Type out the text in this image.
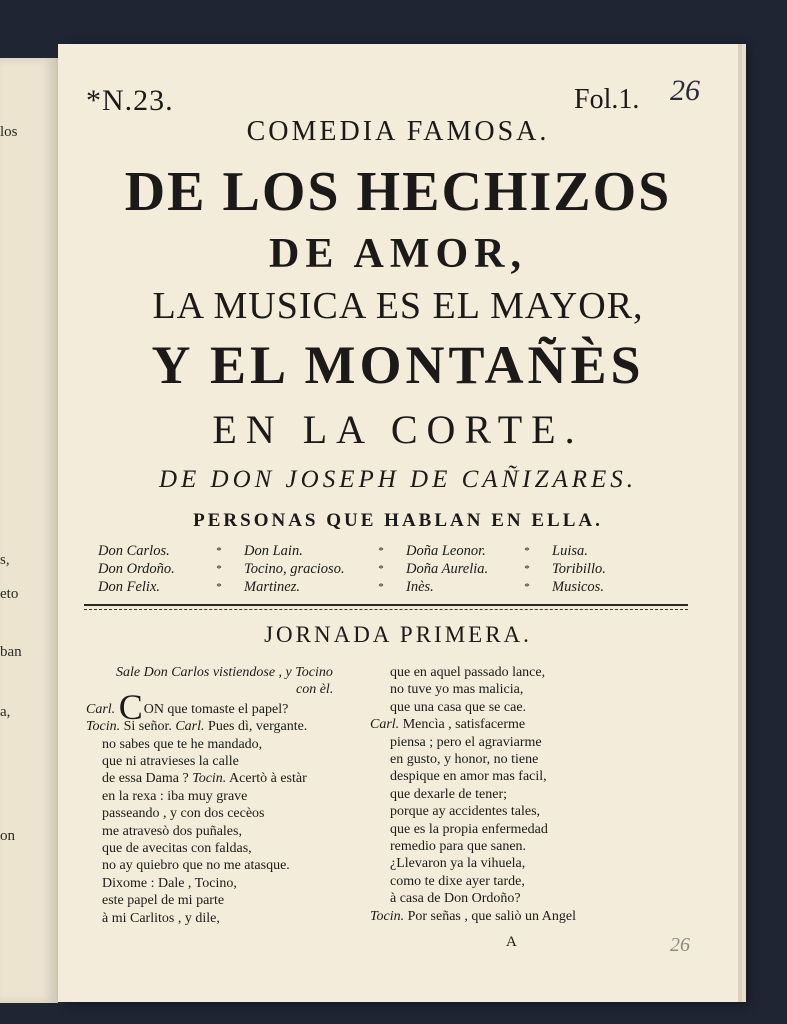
los
s,
eto
ban
a,
on
*N.23.	Fol.1. 26
COMEDIA FAMOSA.
DE LOS HECHIZOS
DE AMOR,
LA MUSICA ES EL MAYOR,
Y EL MONTAÑÈS
EN LA CORTE.
DE DON JOSEPH DE CAÑIZARES.
PERSONAS QUE HABLAN EN ELLA.
Don Carlos.
Don Ordoño.
Don Felix.
*
*
*
Don Lain.
Tocino, gracioso.
Martinez.
*
*
*
Doña Leonor.
Doña Aurelia.
Inès.
*
*
*
Luisa.
Toribillo.
Musicos.
JORNADA PRIMERA.
Sale Don Carlos vistiendose , y Tocino
con èl.
Carl. CON que tomaste el papel?
Tocin. Si señor. Carl. Pues dì, vergante.
no sabes que te he mandado,
que ni atravieses la calle
de essa Dama ? Tocin. Acertò à estàr
en la rexa : iba muy grave
passeando , y con dos cecèos
me atravesò dos puñales,
que de avecitas con faldas,
no ay quiebro que no me atasque.
Dixome : Dale , Tocino,
este papel de mi parte
à mi Carlitos , y dile,
que en aquel passado lance,
no tuve yo mas malicia,
que una casa que se cae.
Carl. Mencìa , satisfacerme
piensa ; pero el agraviarme
en gusto, y honor, no tiene
despique en amor mas facil,
que dexarle de tener;
porque ay accidentes tales,
que es la propia enfermedad
remedio para que sanen.
¿Llevaron ya la vihuela,
como te dixe ayer tarde,
à casa de Don Ordoño?
Tocin. Por señas , que saliò un Angel
A	26
